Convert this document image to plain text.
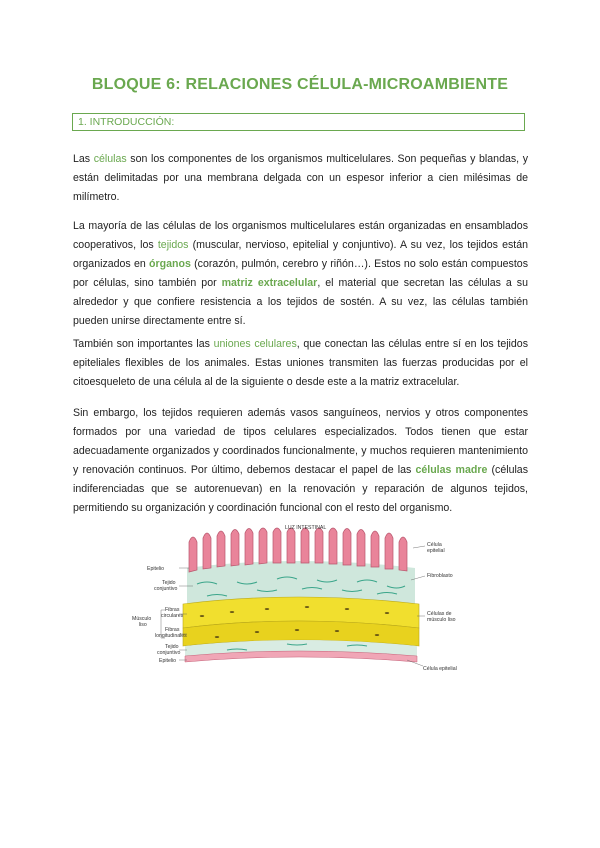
BLOQUE 6: RELACIONES CÉLULA-MICROAMBIENTE
1. INTRODUCCIÓN:

Las células son los componentes de los organismos multicelulares. Son pequeñas y blandas, y están delimitadas por una membrana delgada con un espesor inferior a cien milésimas de milímetro.

La mayoría de las células de los organismos multicelulares están organizadas en ensamblados cooperativos, los tejidos (muscular, nervioso, epitelial y conjuntivo). A su vez, los tejidos están organizados en órganos (corazón, pulmón, cerebro y riñón…). Estos no solo están compuestos por células, sino también por matriz extracelular, el material que secretan las células a su alrededor y que confiere resistencia a los tejidos de sostén. A su vez, las células también pueden unirse directamente entre sí.

También son importantes las uniones celulares, que conectan las células entre sí en los tejidos epiteliales flexibles de los animales. Estas uniones transmiten las fuerzas producidas por el citoesqueleto de una célula al de la siguiente o desde este a la matriz extracelular.

Sin embargo, los tejidos requieren además vasos sanguíneos, nervios y otros componentes formados por una variedad de tipos celulares especializados. Todos tienen que estar adecuadamente organizados y coordinados funcionalmente, y muchos requieren mantenimiento y renovación continuos. Por último, debemos destacar el papel de las células madre (células indiferenciadas que se autorenuevan) en la renovación y reparación de algunos tejidos, permitiendo su organización y coordinación funcional con el resto del organismo.

LUZ INTESTINAL
Epitelio
Tejido
conjuntivo
Músculo
liso
Fibras
circulares
Fibras
longitudinales
Tejido
conjuntivo
Epitelio
Célula
epitelial
Fibroblasto
Células de
músculo liso
Célula epitelial
